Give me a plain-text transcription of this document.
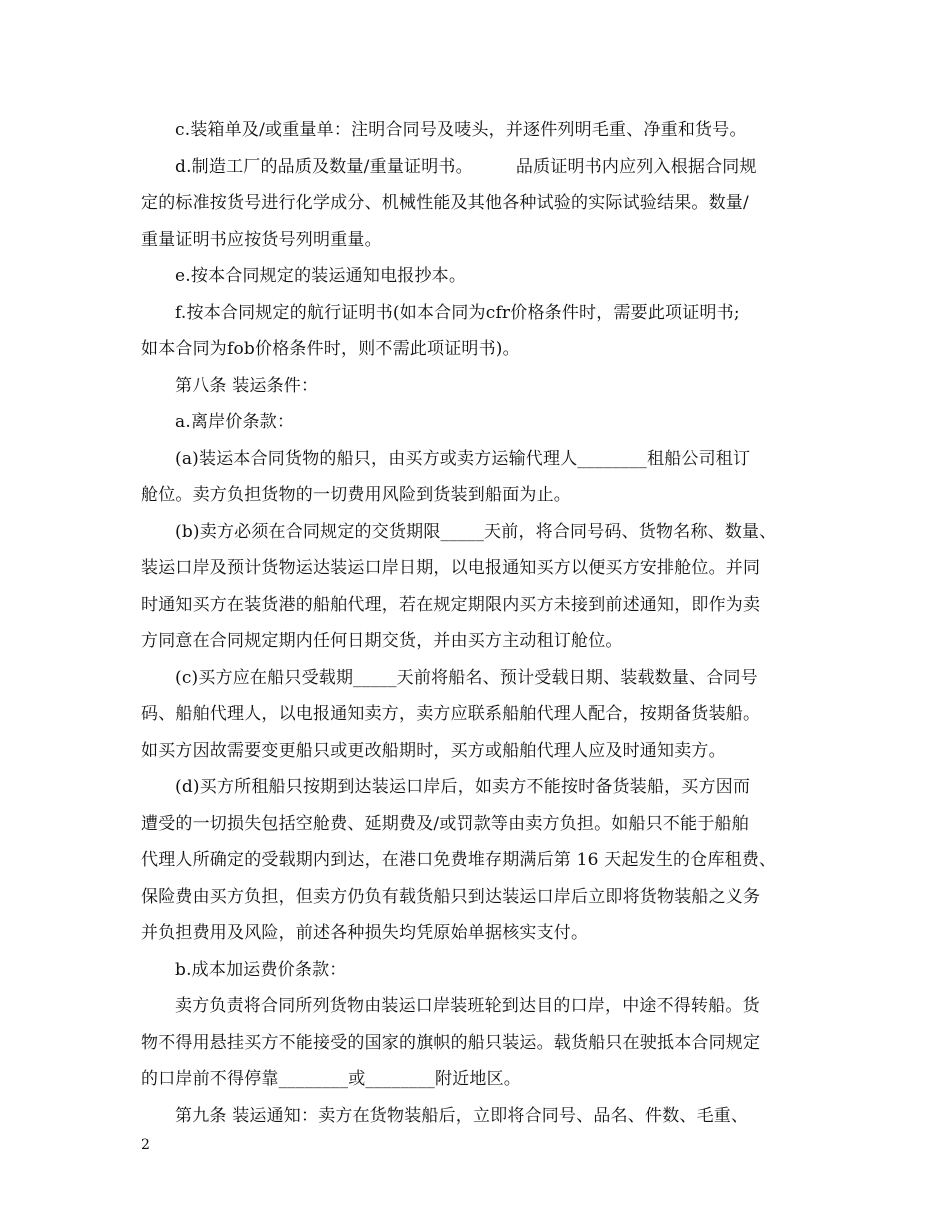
c.装箱单及/或重量单：注明合同号及唛头，并逐件列明毛重、净重和货号。
d.制造工厂的品质及数量/重量证明书。　　　品质证明书内应列入根据合同规
定的标准按货号进行化学成分、机械性能及其他各种试验的实际试验结果。数量/
重量证明书应按货号列明重量。
e.按本合同规定的装运通知电报抄本。
f.按本合同规定的航行证明书(如本合同为cfr价格条件时，需要此项证明书;
如本合同为fob价格条件时，则不需此项证明书)。
第八条 装运条件：
a.离岸价条款：
(a)装运本合同货物的船只，由买方或卖方运输代理人________租船公司租订
舱位。卖方负担货物的一切费用风险到货装到船面为止。
(b)卖方必须在合同规定的交货期限_____天前，将合同号码、货物名称、数量、
装运口岸及预计货物运达装运口岸日期，以电报通知买方以便买方安排舱位。并同
时通知买方在装货港的船舶代理，若在规定期限内买方未接到前述通知，即作为卖
方同意在合同规定期内任何日期交货，并由买方主动租订舱位。
(c)买方应在船只受载期_____天前将船名、预计受载日期、装载数量、合同号
码、船舶代理人，以电报通知卖方，卖方应联系船舶代理人配合，按期备货装船。
如买方因故需要变更船只或更改船期时，买方或船舶代理人应及时通知卖方。
(d)买方所租船只按期到达装运口岸后，如卖方不能按时备货装船，买方因而
遭受的一切损失包括空舱费、延期费及/或罚款等由卖方负担。如船只不能于船舶
代理人所确定的受载期内到达，在港口免费堆存期满后第 16 天起发生的仓库租费、
保险费由买方负担，但卖方仍负有载货船只到达装运口岸后立即将货物装船之义务
并负担费用及风险，前述各种损失均凭原始单据核实支付。
b.成本加运费价条款：
卖方负责将合同所列货物由装运口岸装班轮到达目的口岸，中途不得转船。货
物不得用悬挂买方不能接受的国家的旗帜的船只装运。载货船只在驶抵本合同规定
的口岸前不得停靠________或________附近地区。
第九条 装运通知：卖方在货物装船后，立即将合同号、品名、件数、毛重、
2
